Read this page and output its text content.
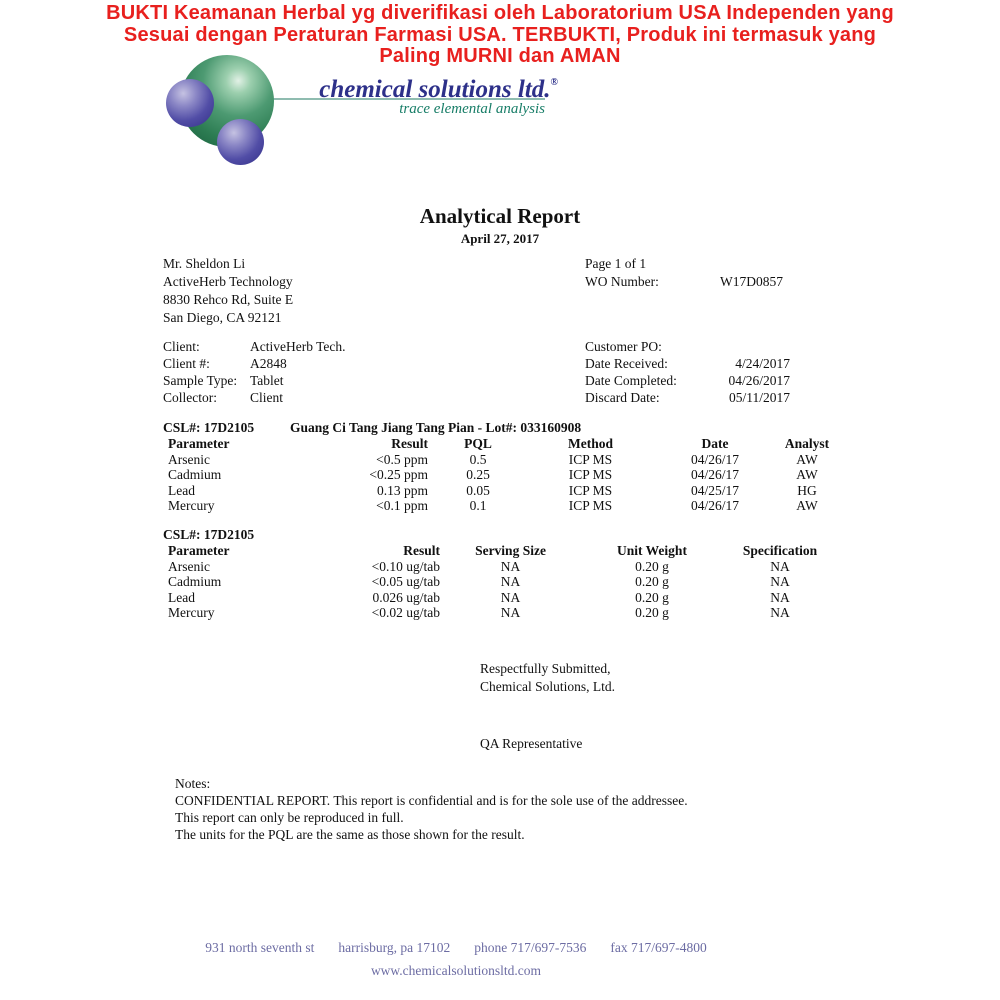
BUKTI Keamanan Herbal yg diverifikasi oleh Laboratorium USA Independen yang
Sesuai dengan Peraturan Farmasi USA. TERBUKTI, Produk ini termasuk yang
Paling MURNI dan AMAN
chemical solutions ltd.®
trace elemental analysis
Analytical Report
April 27, 2017
Mr. Sheldon Li
ActiveHerb Technology
8830 Rehco Rd, Suite E
San Diego, CA 92121
Page 1 of 1
WO Number:	W17D0857
Client:	ActiveHerb Tech.
Client #:	A2848
Sample Type: Tablet
Collector:	Client
Customer PO:
Date Received:	4/24/2017
Date Completed:	04/26/2017
Discard Date:	05/11/2017
CSL#: 17D2105	Guang Ci Tang Jiang Tang Pian - Lot#: 033160908
Parameter	Result	PQL	Method	Date	Analyst
Arsenic	<0.5 ppm	0.5	ICP MS	04/26/17	AW
Cadmium	<0.25 ppm	0.25	ICP MS	04/26/17	AW
Lead	0.13 ppm	0.05	ICP MS	04/25/17	HG
Mercury	<0.1 ppm	0.1	ICP MS	04/26/17	AW
CSL#: 17D2105
Parameter	Result	Serving Size	Unit Weight	Specification
Arsenic	<0.10 ug/tab	NA	0.20 g	NA
Cadmium	<0.05 ug/tab	NA	0.20 g	NA
Lead	0.026 ug/tab	NA	0.20 g	NA
Mercury	<0.02 ug/tab	NA	0.20 g	NA
Respectfully Submitted,
Chemical Solutions, Ltd.
QA Representative
Notes:
CONFIDENTIAL REPORT. This report is confidential and is for the sole use of the addressee.
This report can only be reproduced in full.
The units for the PQL are the same as those shown for the result.
931 north seventh st harrisburg, pa 17102 phone 717/697-7536 fax 717/697-4800
www.chemicalsolutionsltd.com
